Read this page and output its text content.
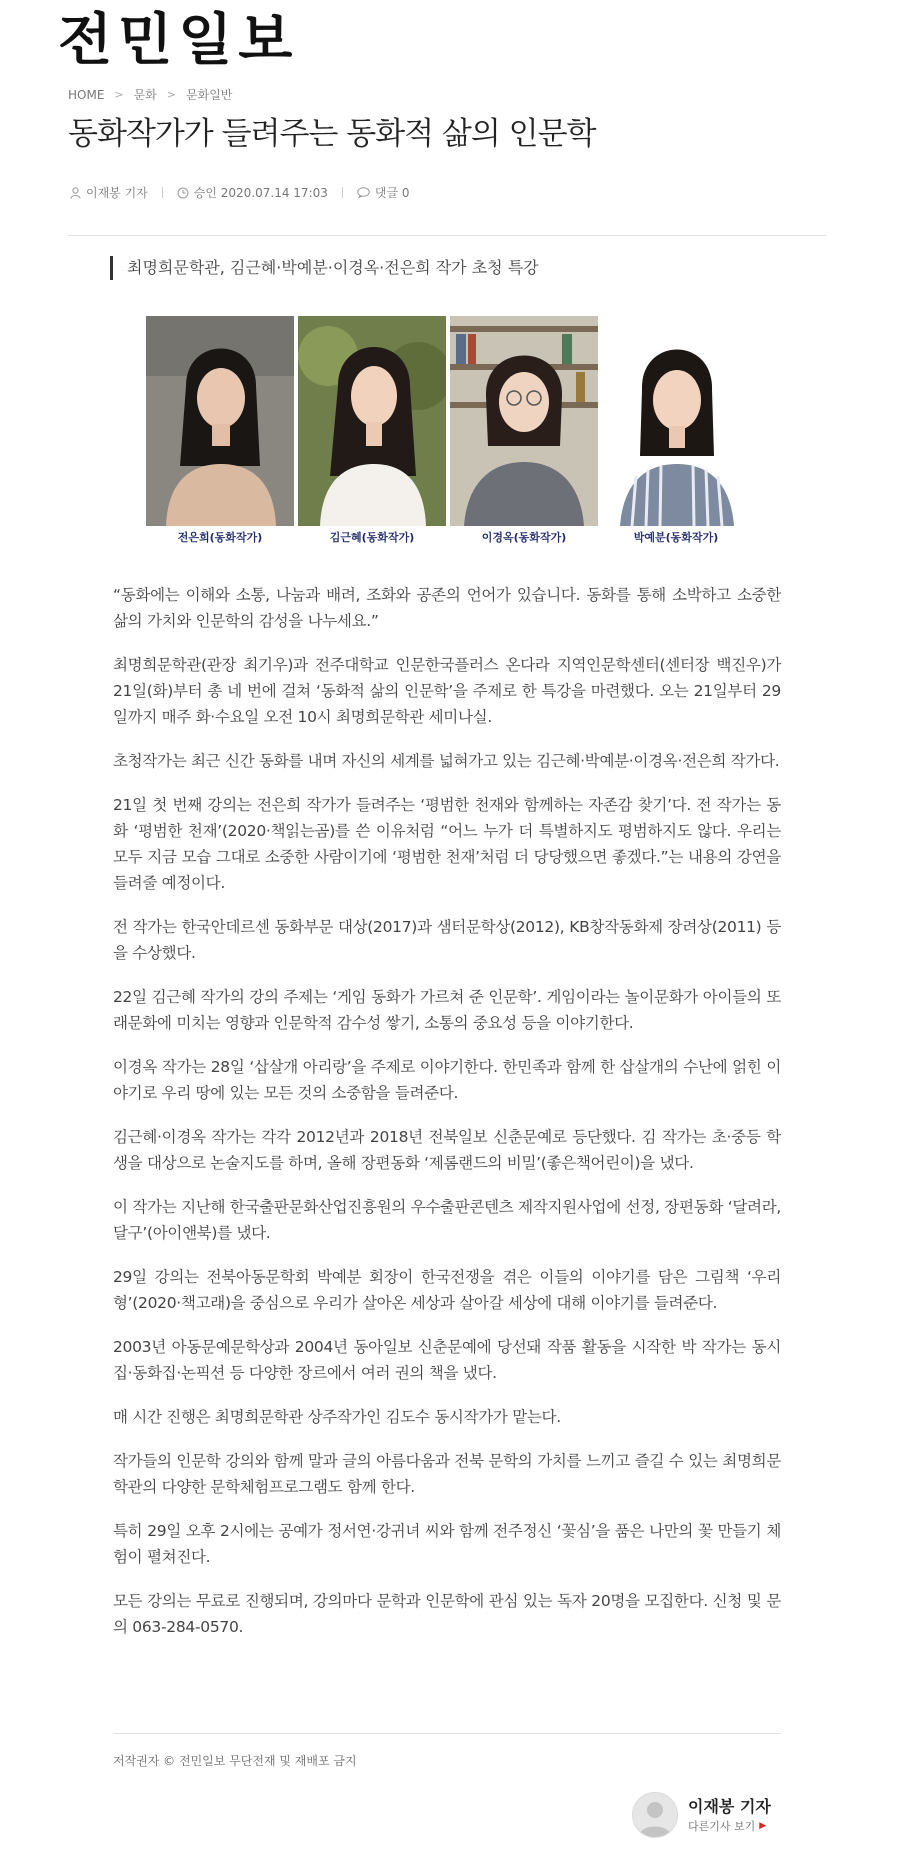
전민일보
HOME > 문화 > 문화일반
동화작가가 들려주는 동화적 삶의 인문학
이재봉 기자	승인 2020.07.14 17:03	댓글 0
최명희문학관, 김근혜·박예분·이경옥·전은희 작가 초청 특강
전은희(동화작가)	김근혜(동화작가)	이경옥(동화작가)	박예분(동화작가)

“동화에는 이해와 소통, 나눔과 배려, 조화와 공존의 언어가 있습니다. 동화를 통해 소박하고 소중한 삶의 가치와 인문학의 감성을 나누세요.”

최명희문학관(관장 최기우)과 전주대학교 인문한국플러스 온다라 지역인문학센터(센터장 백진우)가 21일(화)부터 총 네 번에 걸쳐 ‘동화적 삶의 인문학’을 주제로 한 특강을 마련했다. 오는 21일부터 29일까지 매주 화·수요일 오전 10시 최명희문학관 세미나실.

초청작가는 최근 신간 동화를 내며 자신의 세계를 넓혀가고 있는 김근혜·박예분·이경옥·전은희 작가다.

21일 첫 번째 강의는 전은희 작가가 들려주는 ‘평범한 천재와 함께하는 자존감 찾기’다. 전 작가는 동화 ‘평범한 천재’(2020·책읽는곰)를 쓴 이유처럼 “어느 누가 더 특별하지도 평범하지도 않다. 우리는 모두 지금 모습 그대로 소중한 사람이기에 ‘평범한 천재’처럼 더 당당했으면 좋겠다.”는 내용의 강연을 들려줄 예정이다.

전 작가는 한국안데르센 동화부문 대상(2017)과 샘터문학상(2012), KB창작동화제 장려상(2011) 등을 수상했다.

22일 김근혜 작가의 강의 주제는 ‘게임 동화가 가르쳐 준 인문학’. 게임이라는 놀이문화가 아이들의 또래문화에 미치는 영향과 인문학적 감수성 쌓기, 소통의 중요성 등을 이야기한다.

이경옥 작가는 28일 ‘삽살개 아리랑’을 주제로 이야기한다. 한민족과 함께 한 삽살개의 수난에 얽힌 이야기로 우리 땅에 있는 모든 것의 소중함을 들려준다.

김근혜·이경옥 작가는 각각 2012년과 2018년 전북일보 신춘문예로 등단했다. 김 작가는 초·중등 학생을 대상으로 논술지도를 하며, 올해 장편동화 ‘제롬랜드의 비밀’(좋은책어린이)을 냈다.

이 작가는 지난해 한국출판문화산업진흥원의 우수출판콘텐츠 제작지원사업에 선정, 장편동화 ‘달려라, 달구’(아이앤북)를 냈다.

29일 강의는 전북아동문학회 박예분 회장이 한국전쟁을 겪은 이들의 이야기를 담은 그림책 ‘우리 형’(2020·책고래)을 중심으로 우리가 살아온 세상과 살아갈 세상에 대해 이야기를 들려준다.

2003년 아동문예문학상과 2004년 동아일보 신춘문예에 당선돼 작품 활동을 시작한 박 작가는 동시집·동화집·논픽션 등 다양한 장르에서 여러 권의 책을 냈다.

매 시간 진행은 최명희문학관 상주작가인 김도수 동시작가가 맡는다.

작가들의 인문학 강의와 함께 말과 글의 아름다움과 전북 문학의 가치를 느끼고 즐길 수 있는 최명희문학관의 다양한 문학체험프로그램도 함께 한다.

특히 29일 오후 2시에는 공예가 정서연·강귀녀 씨와 함께 전주정신 ‘꽃심’을 품은 나만의 꽃 만들기 체험이 펼쳐진다.

모든 강의는 무료로 진행되며, 강의마다 문학과 인문학에 관심 있는 독자 20명을 모집한다. 신청 및 문의 063-284-0570.

저작권자 © 전민일보 무단전재 및 재배포 금지
이재봉 기자
다른기사 보기 ▶
